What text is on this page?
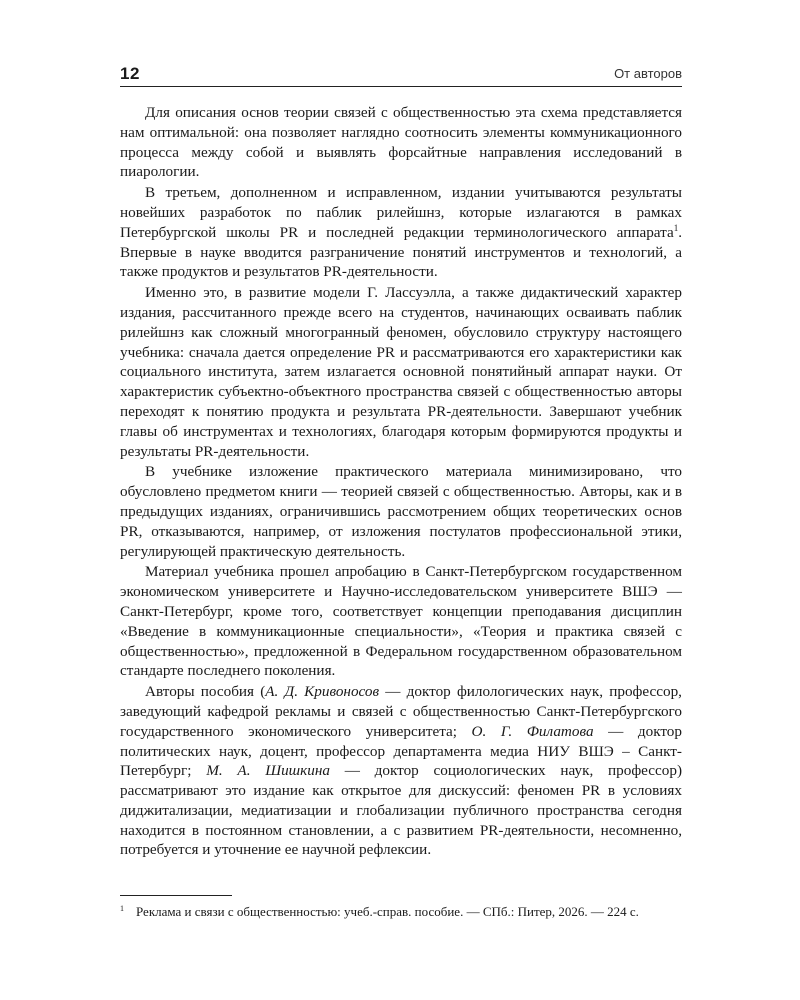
12	От авторов

Для описания основ теории связей с общественностью эта схема представляется нам оптимальной: она позволяет наглядно соотносить элементы коммуникационного процесса между собой и выявлять форсайтные направления исследований в пиарологии.

В третьем, дополненном и исправленном, издании учитываются результаты новейших разработок по паблик рилейшнз, которые излагаются в рамках Петербургской школы PR и последней редакции терминологического аппарата$^1$. Впервые в науке вводится разграничение понятий инструментов и технологий, а также продуктов и результатов PR-деятельности.

Именно это, в развитие модели Г. Лассуэлла, а также дидактический характер издания, рассчитанного прежде всего на студентов, начинающих осваивать паблик рилейшнз как сложный многогранный феномен, обусловило структуру настоящего учебника: сначала дается определение PR и рассматриваются его характеристики как социального института, затем излагается основной понятийный аппарат науки. От характеристик субъектно-объектного пространства связей с общественностью авторы переходят к понятию продукта и результата PR-деятельности. Завершают учебник главы об инструментах и технологиях, благодаря которым формируются продукты и результаты PR-деятельности.

В учебнике изложение практического материала минимизировано, что обусловлено предметом книги — теорией связей с общественностью. Авторы, как и в предыдущих изданиях, ограничившись рассмотрением общих теоретических основ PR, отказываются, например, от изложения постулатов профессиональной этики, регулирующей практическую деятельность.

Материал учебника прошел апробацию в Санкт-Петербургском государственном экономическом университете и Научно-исследовательском университете ВШЭ — Санкт-Петербург, кроме того, соответствует концепции преподавания дисциплин «Введение в коммуникационные специальности», «Теория и практика связей с общественностью», предложенной в Федеральном государственном образовательном стандарте последнего поколения.

Авторы пособия (А. Д. Кривоносов — доктор филологических наук, профессор, заведующий кафедрой рекламы и связей с общественностью Санкт-Петербургского государственного экономического университета; О. Г. Филатова — доктор политических наук, доцент, профессор департамента медиа НИУ ВШЭ – Санкт-Петербург; М. А. Шишкина — доктор социологических наук, профессор) рассматривают это издание как открытое для дискуссий: феномен PR в условиях диджитализации, медиатизации и глобализации публичного пространства сегодня находится в постоянном становлении, а с развитием PR-деятельности, несомненно, потребуется и уточнение ее научной рефлексии.

$^1$ Реклама и связи с общественностью: учеб.-справ. пособие. — СПб.: Питер, 2026. — 224 с.
